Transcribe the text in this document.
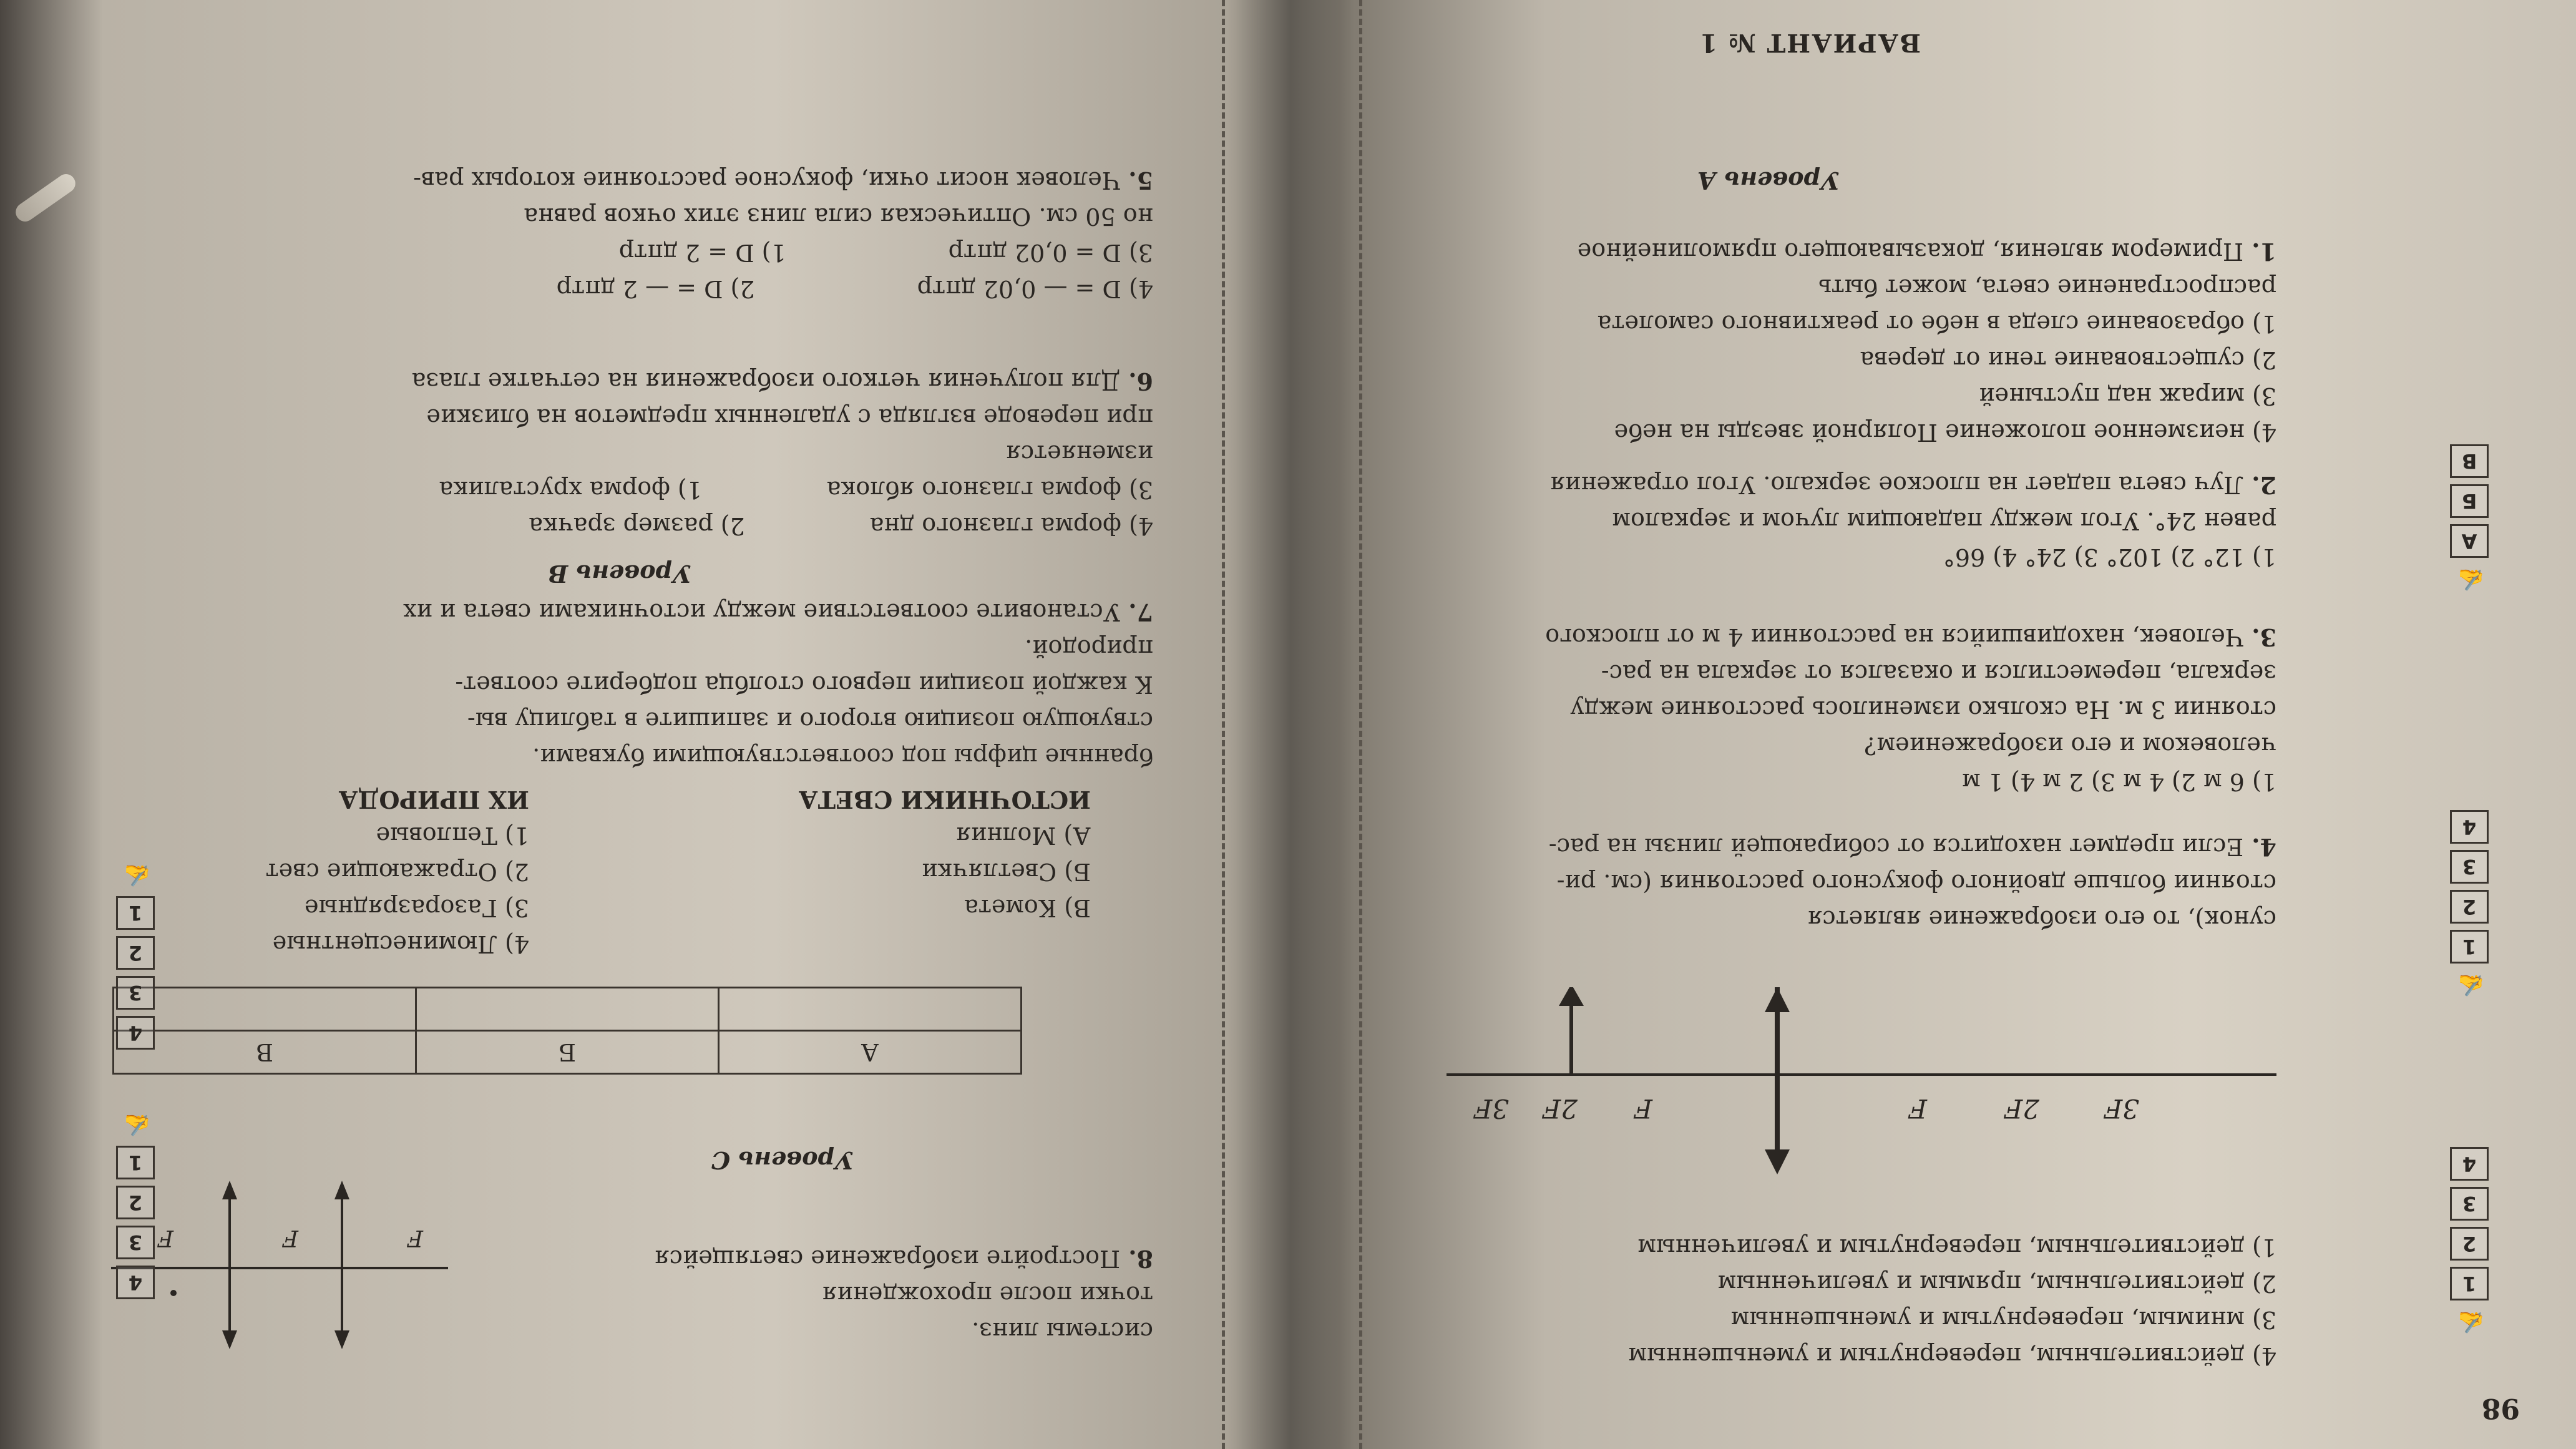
98
✍
1
2
3
4
✍
1
2
3
4
✍
А
Б
В
4) действительным, перевернутым и уменьшенным
3) мнимым, перевернутым и уменьшенным
2) действительным, прямым и увеличенным
1) действительным, перевернутым и увеличенным
3F
2F
F
F
2F
3F
сунок), то его изображение является
стоянии больше двойного фокусного расстояния (см. ри-
4. Если предмет находится от собирающей линзы на рас-
1) 6 м 2) 4 м 3) 2 м 4) 1 м
человеком и его изображением?
стоянии 3 м. На сколько изменилось расстояние между
зеркала, переместился и оказался от зеркала на рас-
3. Человек, находившийся на расстоянии 4 м от плоского
1) 12° 2) 102° 3) 24° 4) 66°
равен 24°. Угол между падающим лучом и зеркалом
2. Луч света падает на плоское зеркало. Угол отражения
4) неизменное положение Полярной звезды на небе
3) мираж над пустыней
2) существование тени от дерева
1) образование следа в небе от реактивного самолета
распространение света, может быть
1. Примером явления, доказывающего прямолинейное
Уровень А
ВАРИАНТ № 1
F
F
F
системы линз.
точки после прохождения
8. Постройте изображение светящейся
Уровень С
А	Б	В

4) Люминесцентные
3) Газоразрядные
2) Отражающие свет
1) Тепловые
ИХ ПРИРОДА
В) Комета
Б) Светлячки
А) Молния
ИСТОЧНИКИ СВЕТА
бранные цифры под соответствующими буквами.
ствующую позицию второго и запишите в таблицу вы-
К каждой позиции первого столбца подберите соответ-
природой.
7. Установите соответствие между источниками света и их
Уровень В
4) форма глазного дна
2) размер зрачка
3) форма глазного яблока
1) форма хрусталика
изменяется
при переводе взгляда с удаленных предметов на близкие
6. Для получения четкого изображения на сетчатке глаза
4) D = — 0,02 дптр
2) D = — 2 дптр
3) D = 0,02 дптр
1) D = 2 дптр
но 50 см. Оптическая сила линз этих очков равна
5. Человек носит очки, фокусное расстояние которых рав-
4
3
2
1
✍
4
3
2
1
✍
